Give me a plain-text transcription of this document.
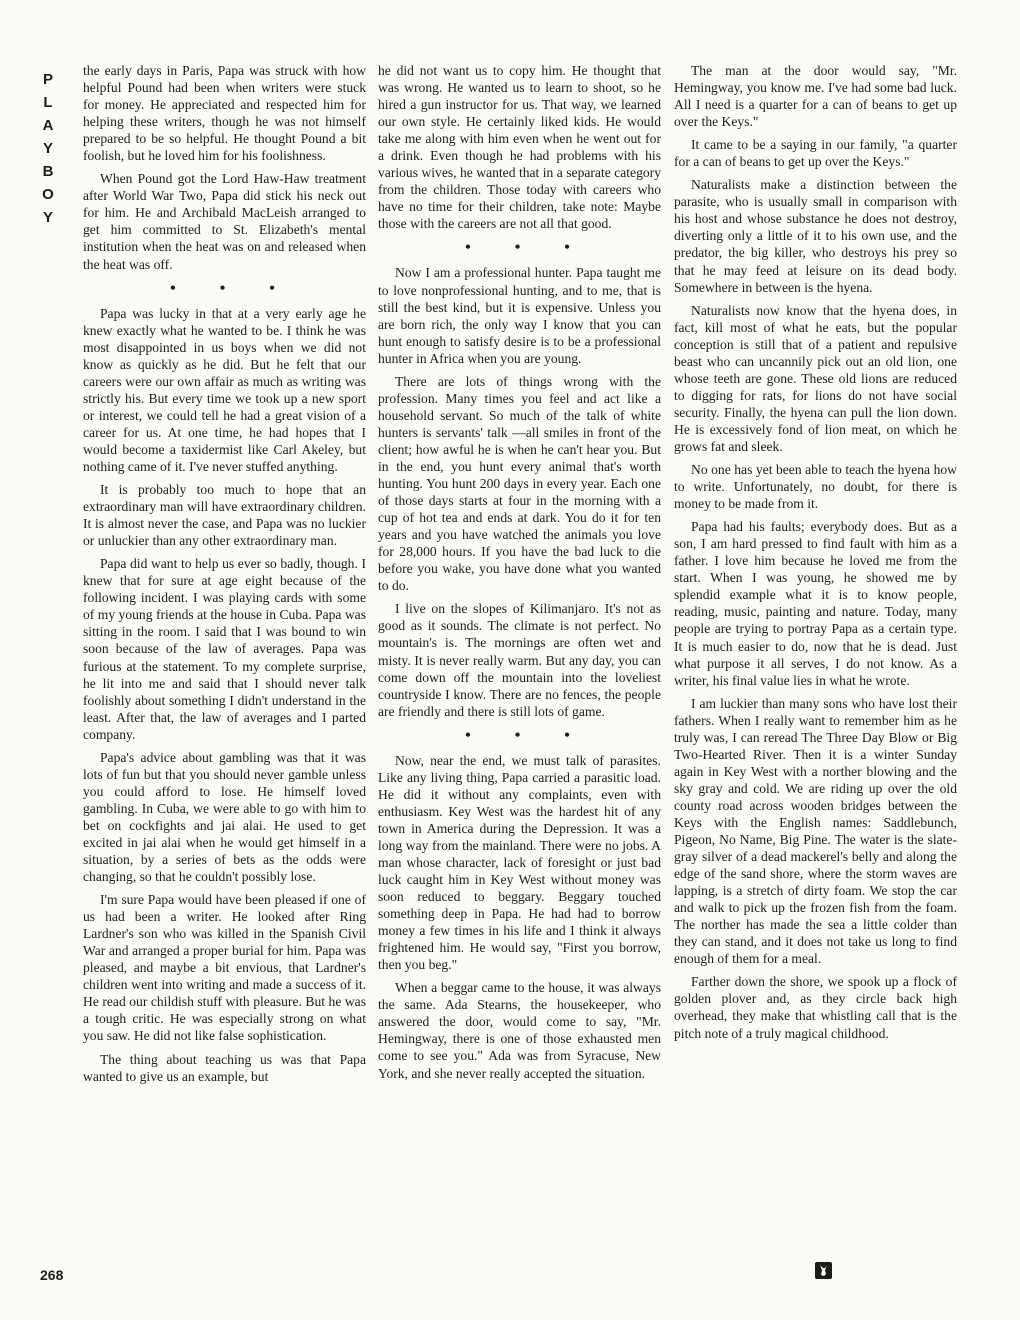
P
L
A
Y
B
O
Y

the early days in Paris, Papa was struck with how helpful Pound had been when writers were stuck for money. He appreciated and respected him for helping these writers, though he was not himself prepared to be so helpful. He thought Pound a bit foolish, but he loved him for his foolishness.

When Pound got the Lord Haw-Haw treatment after World War Two, Papa did stick his neck out for him. He and Archibald MacLeish arranged to get him committed to St. Elizabeth's mental institution when the heat was on and released when the heat was off.

• • •

Papa was lucky in that at a very early age he knew exactly what he wanted to be. I think he was most disappointed in us boys when we did not know as quickly as he did. But he felt that our careers were our own affair as much as writing was strictly his. But every time we took up a new sport or interest, we could tell he had a great vision of a career for us. At one time, he had hopes that I would become a taxidermist like Carl Akeley, but nothing came of it. I've never stuffed anything.

It is probably too much to hope that an extraordinary man will have extraordinary children. It is almost never the case, and Papa was no luckier or unluckier than any other extraordinary man.

Papa did want to help us ever so badly, though. I knew that for sure at age eight because of the following incident. I was playing cards with some of my young friends at the house in Cuba. Papa was sitting in the room. I said that I was bound to win soon because of the law of averages. Papa was furious at the statement. To my complete surprise, he lit into me and said that I should never talk foolishly about something I didn't understand in the least. After that, the law of averages and I parted company.

Papa's advice about gambling was that it was lots of fun but that you should never gamble unless you could afford to lose. He himself loved gambling. In Cuba, we were able to go with him to bet on cockfights and jai alai. He used to get excited in jai alai when he would get himself in a situation, by a series of bets as the odds were changing, so that he couldn't possibly lose.

I'm sure Papa would have been pleased if one of us had been a writer. He looked after Ring Lardner's son who was killed in the Spanish Civil War and arranged a proper burial for him. Papa was pleased, and maybe a bit envious, that Lardner's children went into writing and made a success of it. He read our childish stuff with pleasure. But he was a tough critic. He was especially strong on what you saw. He did not like false sophistication.

The thing about teaching us was that Papa wanted to give us an example, but

he did not want us to copy him. He thought that was wrong. He wanted us to learn to shoot, so he hired a gun instructor for us. That way, we learned our own style. He certainly liked kids. He would take me along with him even when he went out for a drink. Even though he had problems with his various wives, he wanted that in a separate category from the children. Those today with careers who have no time for their children, take note: Maybe those with the careers are not all that good.

• • •

Now I am a professional hunter. Papa taught me to love nonprofessional hunting, and to me, that is still the best kind, but it is expensive. Unless you are born rich, the only way I know that you can hunt enough to satisfy desire is to be a professional hunter in Africa when you are young.

There are lots of things wrong with the profession. Many times you feel and act like a household servant. So much of the talk of white hunters is servants' talk —all smiles in front of the client; how awful he is when he can't hear you. But in the end, you hunt every animal that's worth hunting. You hunt 200 days in every year. Each one of those days starts at four in the morning with a cup of hot tea and ends at dark. You do it for ten years and you have watched the animals you love for 28,000 hours. If you have the bad luck to die before you wake, you have done what you wanted to do.

I live on the slopes of Kilimanjaro. It's not as good as it sounds. The climate is not perfect. No mountain's is. The mornings are often wet and misty. It is never really warm. But any day, you can come down off the mountain into the loveliest countryside I know. There are no fences, the people are friendly and there is still lots of game.

• • •

Now, near the end, we must talk of parasites. Like any living thing, Papa carried a parasitic load. He did it without any complaints, even with enthusiasm. Key West was the hardest hit of any town in America during the Depression. It was a long way from the mainland. There were no jobs. A man whose character, lack of foresight or just bad luck caught him in Key West without money was soon reduced to beggary. Beggary touched something deep in Papa. He had had to borrow money a few times in his life and I think it always frightened him. He would say, "First you borrow, then you beg."

When a beggar came to the house, it was always the same. Ada Stearns, the housekeeper, who answered the door, would come to say, "Mr. Hemingway, there is one of those exhausted men come to see you." Ada was from Syracuse, New York, and she never really accepted the situation.

The man at the door would say, "Mr. Hemingway, you know me. I've had some bad luck. All I need is a quarter for a can of beans to get up over the Keys."

It came to be a saying in our family, "a quarter for a can of beans to get up over the Keys."

Naturalists make a distinction between the parasite, who is usually small in comparison with his host and whose substance he does not destroy, diverting only a little of it to his own use, and the predator, the big killer, who destroys his prey so that he may feed at leisure on its dead body. Somewhere in between is the hyena.

Naturalists now know that the hyena does, in fact, kill most of what he eats, but the popular conception is still that of a patient and repulsive beast who can uncannily pick out an old lion, one whose teeth are gone. These old lions are reduced to digging for rats, for lions do not have social security. Finally, the hyena can pull the lion down. He is excessively fond of lion meat, on which he grows fat and sleek.

No one has yet been able to teach the hyena how to write. Unfortunately, no doubt, for there is money to be made from it.

Papa had his faults; everybody does. But as a son, I am hard pressed to find fault with him as a father. I love him because he loved me from the start. When I was young, he showed me by splendid example what it is to know people, reading, music, painting and nature. Today, many people are trying to portray Papa as a certain type. It is much easier to do, now that he is dead. Just what purpose it all serves, I do not know. As a writer, his final value lies in what he wrote.

I am luckier than many sons who have lost their fathers. When I really want to remember him as he truly was, I can reread The Three Day Blow or Big Two-Hearted River. Then it is a winter Sunday again in Key West with a norther blowing and the sky gray and cold. We are riding up over the old county road across wooden bridges between the Keys with the English names: Saddlebunch, Pigeon, No Name, Big Pine. The water is the slate-gray silver of a dead mackerel's belly and along the edge of the sand shore, where the storm waves are lapping, is a stretch of dirty foam. We stop the car and walk to pick up the frozen fish from the foam. The norther has made the sea a little colder than they can stand, and it does not take us long to find enough of them for a meal.

Farther down the shore, we spook up a flock of golden plover and, as they circle back high overhead, they make that whistling call that is the pitch note of a truly magical childhood.

268
